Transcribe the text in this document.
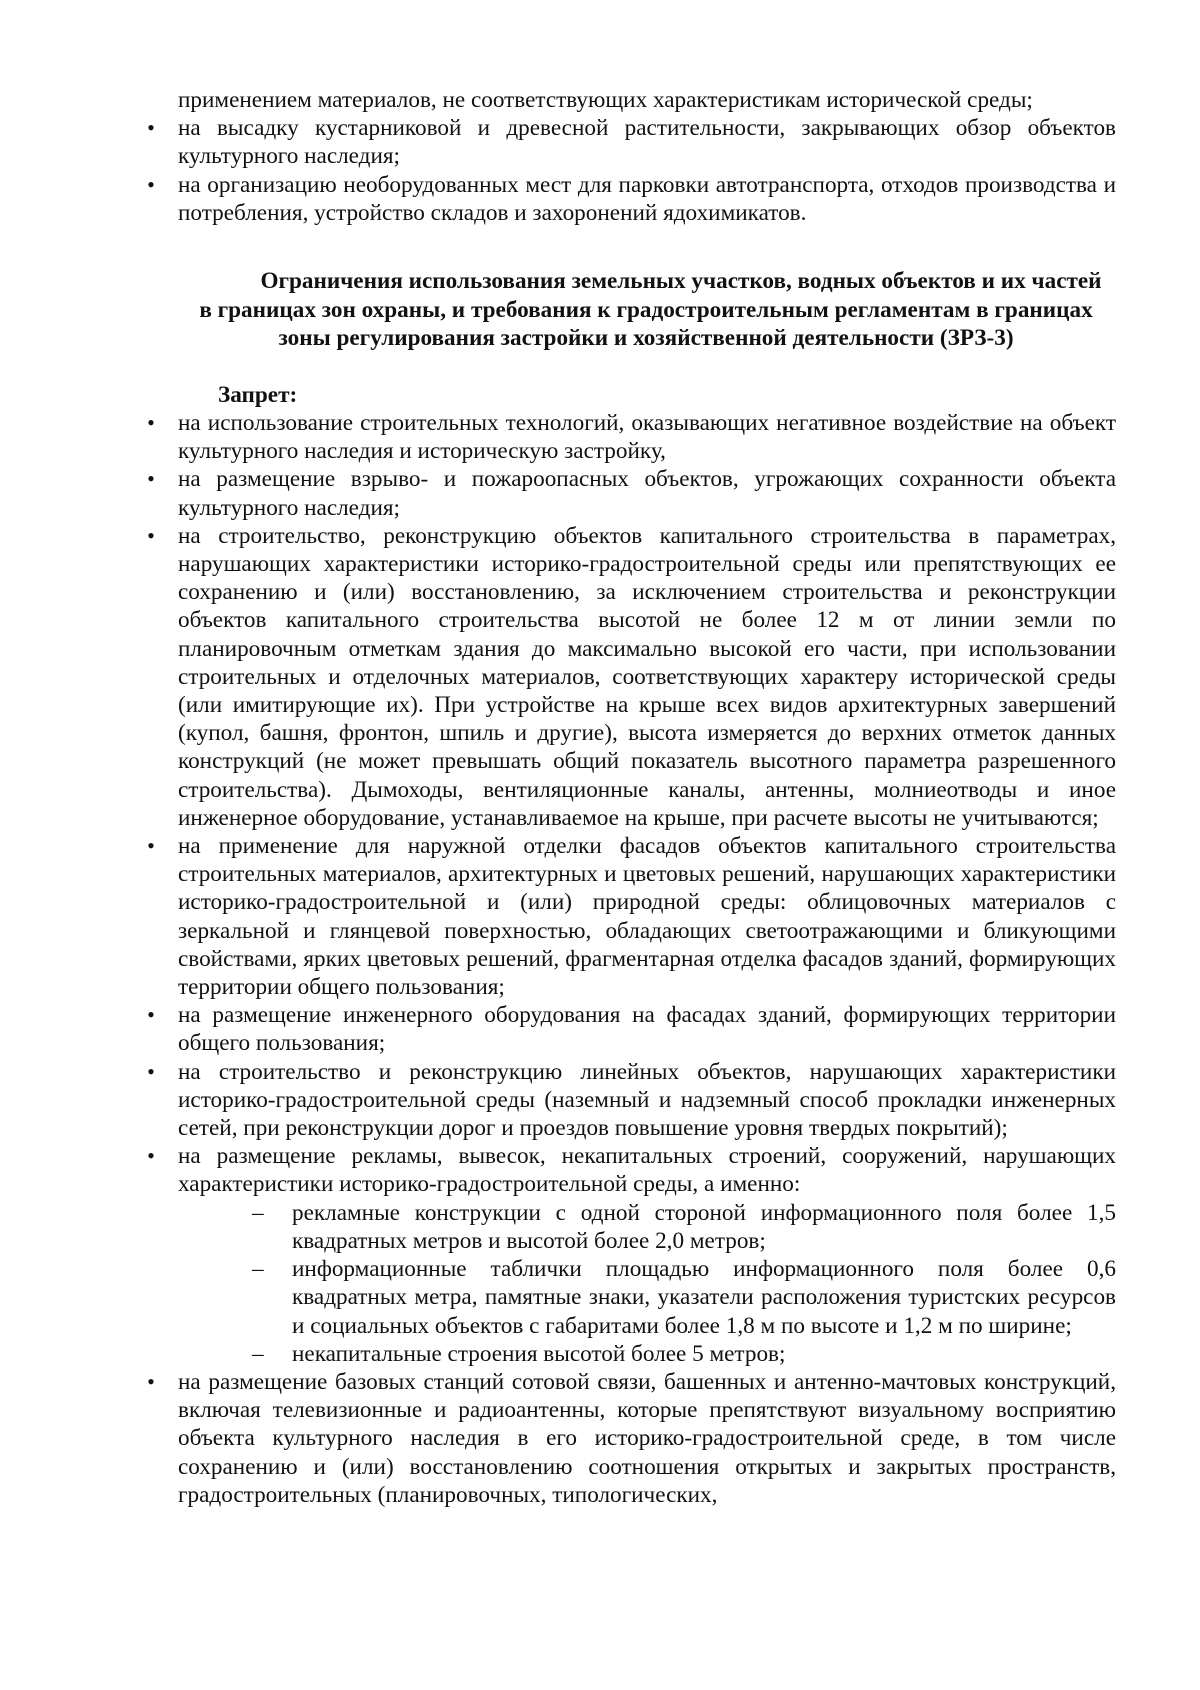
применением материалов, не соответствующих характеристикам исторической среды;

• на высадку кустарниковой и древесной растительности, закрывающих обзор объектов культурного наследия;
• на организацию необорудованных мест для парковки автотранспорта, отходов производства и потребления, устройство складов и захоронений ядохимикатов.
Ограничения использования земельных участков, водных объектов и их частей
в границах зон охраны, и требования к градостроительным регламентам в границах
зоны регулирования застройки и хозяйственной деятельности (ЗРЗ-3)
Запрет:
• на использование строительных технологий, оказывающих негативное воздействие на объект культурного наследия и историческую застройку,
• на размещение взрыво- и пожароопасных объектов, угрожающих сохранности объекта культурного наследия;
• на строительство, реконструкцию объектов капитального строительства в параметрах, нарушающих характеристики историко-градостроительной среды или препятствующих ее сохранению и (или) восстановлению, за исключением строительства и реконструкции объектов капитального строительства высотой не более 12 м от линии земли по планировочным отметкам здания до максимально высокой его части, при использовании строительных и отделочных материалов, соответствующих характеру исторической среды (или имитирующие их). При устройстве на крыше всех видов архитектурных завершений (купол, башня, фронтон, шпиль и другие), высота измеряется до верхних отметок данных конструкций (не может превышать общий показатель высотного параметра разрешенного строительства). Дымоходы, вентиляционные каналы, антенны, молниеотводы и иное инженерное оборудование, устанавливаемое на крыше, при расчете высоты не учитываются;
• на применение для наружной отделки фасадов объектов капитального строительства строительных материалов, архитектурных и цветовых решений, нарушающих характеристики историко-градостроительной и (или) природной среды: облицовочных материалов с зеркальной и глянцевой поверхностью, обладающих светоотражающими и бликующими свойствами, ярких цветовых решений, фрагментарная отделка фасадов зданий, формирующих территории общего пользования;
• на размещение инженерного оборудования на фасадах зданий, формирующих территории общего пользования;
• на строительство и реконструкцию линейных объектов, нарушающих характеристики историко-градостроительной среды (наземный и надземный способ прокладки инженерных сетей, при реконструкции дорог и проездов повышение уровня твердых покрытий);
• на размещение рекламы, вывесок, некапитальных строений, сооружений, нарушающих характеристики историко-градостроительной среды, а именно:
– рекламные конструкции с одной стороной информационного поля более 1,5 квадратных метров и высотой более 2,0 метров;
– информационные таблички площадью информационного поля более 0,6 квадратных метра, памятные знаки, указатели расположения туристских ресурсов и социальных объектов с габаритами более 1,8 м по высоте и 1,2 м по ширине;
– некапитальные строения высотой более 5 метров;
• на размещение базовых станций сотовой связи, башенных и антенно-мачтовых конструкций, включая телевизионные и радиоантенны, которые препятствуют визуальному восприятию объекта культурного наследия в его историко-градостроительной среде, в том числе сохранению и (или) восстановлению соотношения открытых и закрытых пространств, градостроительных (планировочных, типологических,
